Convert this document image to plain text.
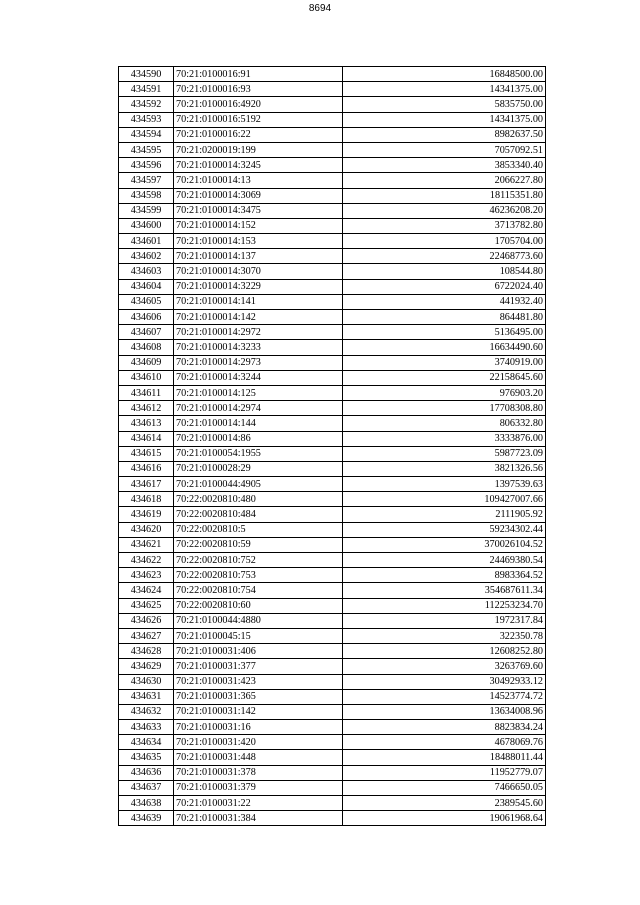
8694
434590	70:21:0100016:91	16848500.00
434591	70:21:0100016:93	14341375.00
434592	70:21:0100016:4920	5835750.00
434593	70:21:0100016:5192	14341375.00
434594	70:21:0100016:22	8982637.50
434595	70:21:0200019:199	7057092.51
434596	70:21:0100014:3245	3853340.40
434597	70:21:0100014:13	2066227.80
434598	70:21:0100014:3069	18115351.80
434599	70:21:0100014:3475	46236208.20
434600	70:21:0100014:152	3713782.80
434601	70:21:0100014:153	1705704.00
434602	70:21:0100014:137	22468773.60
434603	70:21:0100014:3070	108544.80
434604	70:21:0100014:3229	6722024.40
434605	70:21:0100014:141	441932.40
434606	70:21:0100014:142	864481.80
434607	70:21:0100014:2972	5136495.00
434608	70:21:0100014:3233	16634490.60
434609	70:21:0100014:2973	3740919.00
434610	70:21:0100014:3244	22158645.60
434611	70:21:0100014:125	976903.20
434612	70:21:0100014:2974	17708308.80
434613	70:21:0100014:144	806332.80
434614	70:21:0100014:86	3333876.00
434615	70:21:0100054:1955	5987723.09
434616	70:21:0100028:29	3821326.56
434617	70:21:0100044:4905	1397539.63
434618	70:22:0020810:480	109427007.66
434619	70:22:0020810:484	2111905.92
434620	70:22:0020810:5	59234302.44
434621	70:22:0020810:59	370026104.52
434622	70:22:0020810:752	24469380.54
434623	70:22:0020810:753	8983364.52
434624	70:22:0020810:754	354687611.34
434625	70:22:0020810:60	112253234.70
434626	70:21:0100044:4880	1972317.84
434627	70:21:0100045:15	322350.78
434628	70:21:0100031:406	12608252.80
434629	70:21:0100031:377	3263769.60
434630	70:21:0100031:423	30492933.12
434631	70:21:0100031:365	14523774.72
434632	70:21:0100031:142	13634008.96
434633	70:21:0100031:16	8823834.24
434634	70:21:0100031:420	4678069.76
434635	70:21:0100031:448	18488011.44
434636	70:21:0100031:378	11952779.07
434637	70:21:0100031:379	7466650.05
434638	70:21:0100031:22	2389545.60
434639	70:21:0100031:384	19061968.64
